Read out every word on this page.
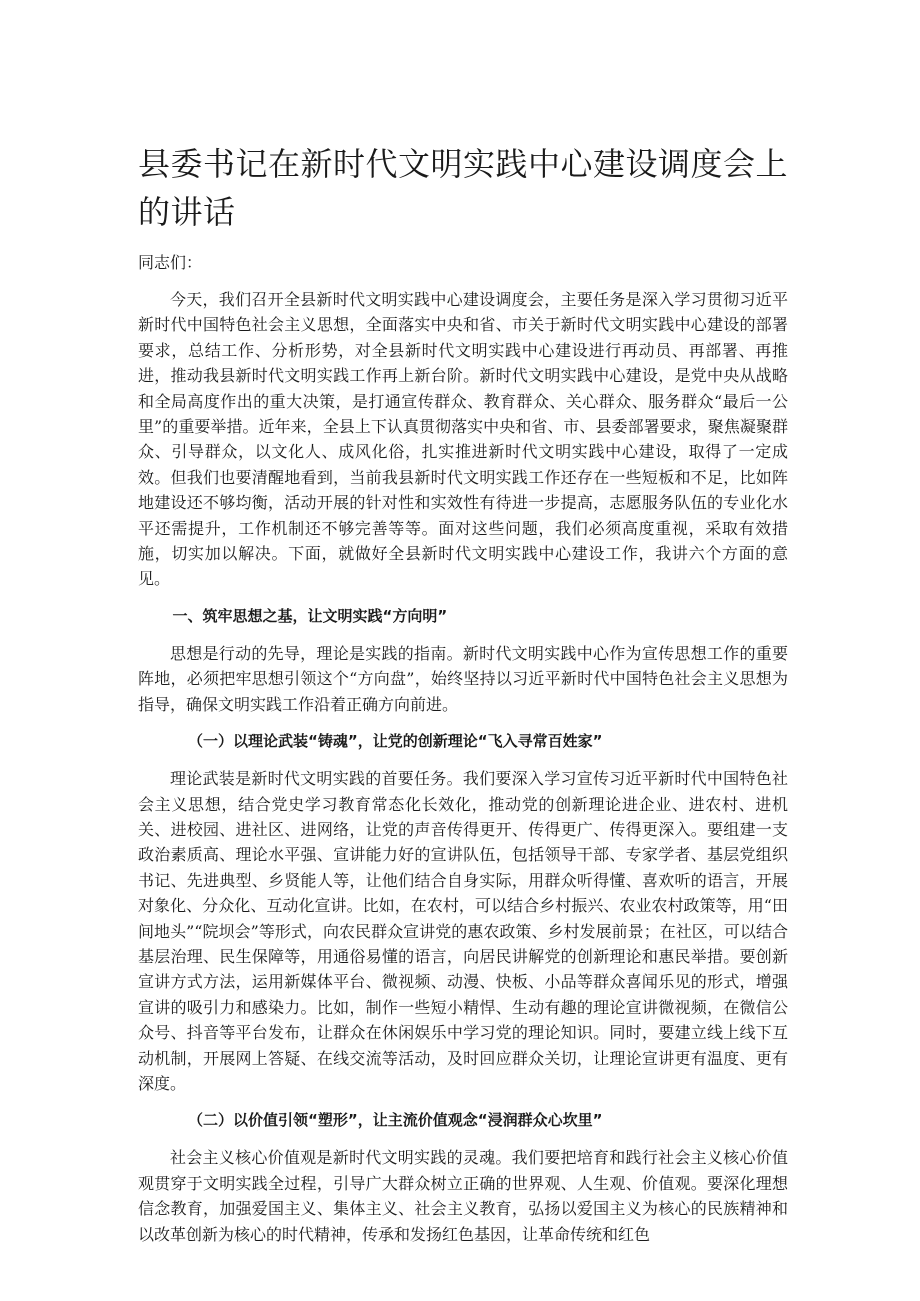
县委书记在新时代文明实践中心建设调度会上的讲话

同志们：

今天，我们召开全县新时代文明实践中心建设调度会，主要任务是深入学习贯彻习近平新时代中国特色社会主义思想，全面落实中央和省、市关于新时代文明实践中心建设的部署要求，总结工作、分析形势，对全县新时代文明实践中心建设进行再动员、再部署、再推进，推动我县新时代文明实践工作再上新台阶。新时代文明实践中心建设，是党中央从战略和全局高度作出的重大决策，是打通宣传群众、教育群众、关心群众、服务群众“最后一公里”的重要举措。近年来，全县上下认真贯彻落实中央和省、市、县委部署要求，聚焦凝聚群众、引导群众，以文化人、成风化俗，扎实推进新时代文明实践中心建设，取得了一定成效。但我们也要清醒地看到，当前我县新时代文明实践工作还存在一些短板和不足，比如阵地建设还不够均衡，活动开展的针对性和实效性有待进一步提高，志愿服务队伍的专业化水平还需提升，工作机制还不够完善等等。面对这些问题，我们必须高度重视，采取有效措施，切实加以解决。下面，就做好全县新时代文明实践中心建设工作，我讲六个方面的意见。

一、筑牢思想之基，让文明实践“方向明”

思想是行动的先导，理论是实践的指南。新时代文明实践中心作为宣传思想工作的重要阵地，必须把牢思想引领这个“方向盘”，始终坚持以习近平新时代中国特色社会主义思想为指导，确保文明实践工作沿着正确方向前进。

（一）以理论武装“铸魂”，让党的创新理论“飞入寻常百姓家”

理论武装是新时代文明实践的首要任务。我们要深入学习宣传习近平新时代中国特色社会主义思想，结合党史学习教育常态化长效化，推动党的创新理论进企业、进农村、进机关、进校园、进社区、进网络，让党的声音传得更开、传得更广、传得更深入。要组建一支政治素质高、理论水平强、宣讲能力好的宣讲队伍，包括领导干部、专家学者、基层党组织书记、先进典型、乡贤能人等，让他们结合自身实际，用群众听得懂、喜欢听的语言，开展对象化、分众化、互动化宣讲。比如，在农村，可以结合乡村振兴、农业农村政策等，用“田间地头”“院坝会”等形式，向农民群众宣讲党的惠农政策、乡村发展前景；在社区，可以结合基层治理、民生保障等，用通俗易懂的语言，向居民讲解党的创新理论和惠民举措。要创新宣讲方式方法，运用新媒体平台、微视频、动漫、快板、小品等群众喜闻乐见的形式，增强宣讲的吸引力和感染力。比如，制作一些短小精悍、生动有趣的理论宣讲微视频，在微信公众号、抖音等平台发布，让群众在休闲娱乐中学习党的理论知识。同时，要建立线上线下互动机制，开展网上答疑、在线交流等活动，及时回应群众关切，让理论宣讲更有温度、更有深度。

（二）以价值引领“塑形”，让主流价值观念“浸润群众心坎里”

社会主义核心价值观是新时代文明实践的灵魂。我们要把培育和践行社会主义核心价值观贯穿于文明实践全过程，引导广大群众树立正确的世界观、人生观、价值观。要深化理想信念教育，加强爱国主义、集体主义、社会主义教育，弘扬以爱国主义为核心的民族精神和以改革创新为核心的时代精神，传承和发扬红色基因，让革命传统和红色
